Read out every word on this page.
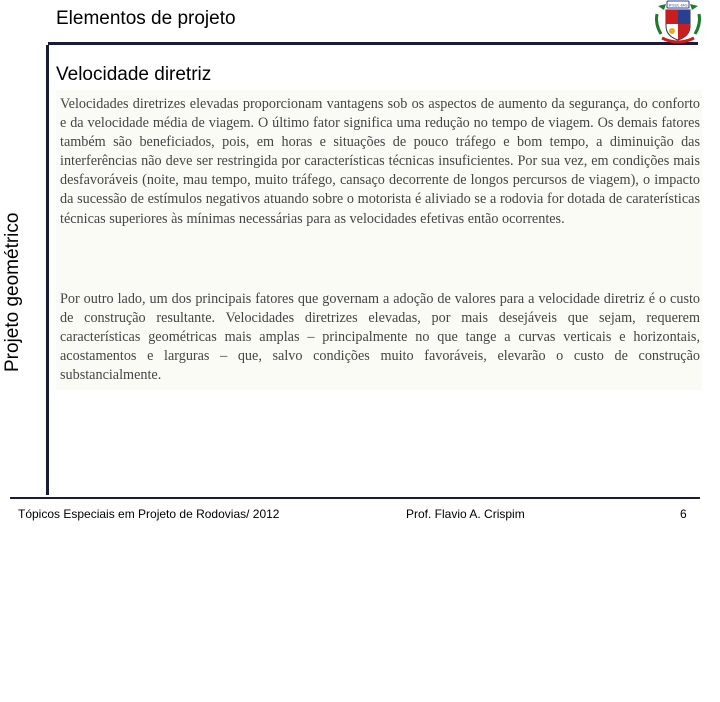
Elementos de projeto
Projeto geométrico
IFSUL-MG
Velocidade diretriz

Velocidades diretrizes elevadas proporcionam vantagens sob os aspectos de aumento da segurança, do conforto e da velocidade média de viagem. O último fator significa uma redução no tempo de viagem. Os demais fatores também são beneficiados, pois, em horas e situações de pouco tráfego e bom tempo, a diminuição das interferências não deve ser restringida por características técnicas insuficientes. Por sua vez, em condições mais desfavoráveis (noite, mau tempo, muito tráfego, cansaço decorrente de longos percursos de viagem), o impacto da sucessão de estímulos negativos atuando sobre o motorista é aliviado se a rodovia for dotada de caraterísticas técnicas superiores às mínimas necessárias para as velocidades efetivas então ocorrentes.

Por outro lado, um dos principais fatores que governam a adoção de valores para a velocidade diretriz é o custo de construção resultante. Velocidades diretrizes elevadas, por mais desejáveis que sejam, requerem características geométricas mais amplas – principalmente no que tange a curvas verticais e horizontais, acostamentos e larguras – que, salvo condições muito favoráveis, elevarão o custo de construção substancialmente.

Tópicos Especiais em Projeto de Rodovias/ 2012	Prof. Flavio A. Crispim	6
